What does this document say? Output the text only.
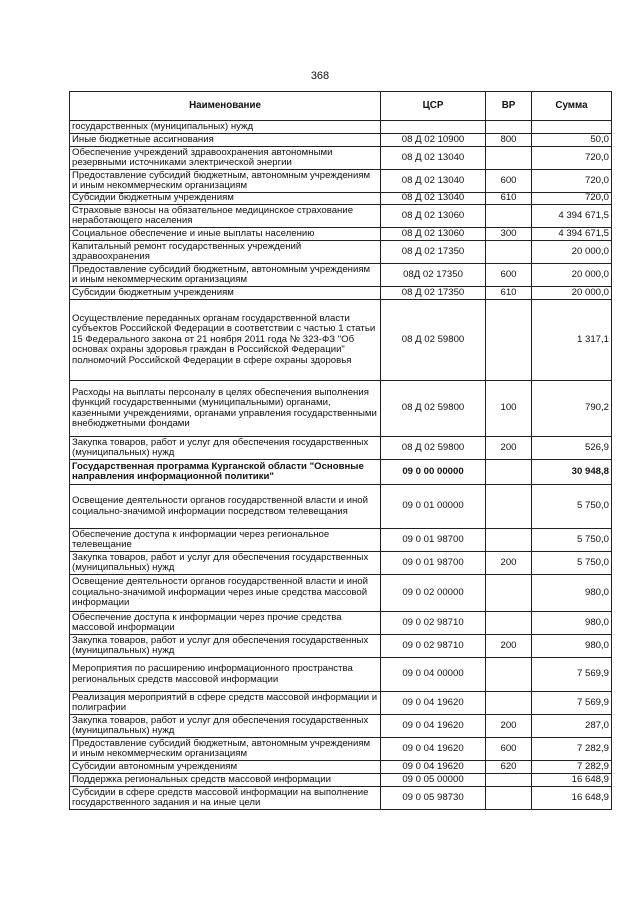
368
Наименование	ЦСР	ВР	Сумма
государственных (муниципальных) нужд			
Иные бюджетные ассигнования	08 Д 02 10900	800	50,0
Обеспечение учреждений здравоохранения автономными резервными источниками электрической энергии	08 Д 02 13040		720,0
Предоставление субсидий бюджетным, автономным учреждениям и иным некоммерческим организациям	08 Д 02 13040	600	720,0
Субсидии бюджетным учреждениям	08 Д 02 13040	610	720,0
Страховые взносы на обязательное медицинское страхование неработающего населения	08 Д 02 13060		4 394 671,5
Социальное обеспечение и иные выплаты населению	08 Д 02 13060	300	4 394 671,5
Капитальный ремонт государственных учреждений здравоохранения	08 Д 02 17350		20 000,0
Предоставление субсидий бюджетным, автономным учреждениям и иным некоммерческим организациям	08Д 02 17350	600	20 000,0
Субсидии бюджетным учреждениям	08 Д 02 17350	610	20 000,0
Осуществление переданных органам государственной власти субъектов Российской Федерации в соответствии с частью 1 статьи 15 Федерального закона от 21 ноября 2011 года № 323-ФЗ "Об основах охраны здоровья граждан в Российской Федерации" полномочий Российской Федерации в сфере охраны здоровья	08 Д 02 59800		1 317,1
Расходы на выплаты персоналу в целях обеспечения выполнения функций государственными (муниципальными) органами, казенными учреждениями, органами управления государственными внебюджетными фондами	08 Д 02 59800	100	790,2
Закупка товаров, работ и услуг для обеспечения государственных (муниципальных) нужд	08 Д 02 59800	200	526,9
Государственная программа Курганской области "Основные направления информационной политики"	09 0 00 00000		30 948,8
Освещение деятельности органов государственной власти и иной социально-значимой информации посредством телевещания	09 0 01 00000		5 750,0
Обеспечение доступа к информации через региональное телевещание	09 0 01 98700		5 750,0
Закупка товаров, работ и услуг для обеспечения государственных (муниципальных) нужд	09 0 01 98700	200	5 750,0
Освещение деятельности органов государственной власти и иной социально-значимой информации через иные средства массовой информации	09 0 02 00000		980,0
Обеспечение доступа к информации через прочие средства массовой информации	09 0 02 98710		980,0
Закупка товаров, работ и услуг для обеспечения государственных (муниципальных) нужд	09 0 02 98710	200	980,0
Мероприятия по расширению информационного пространства региональных средств массовой информации	09 0 04 00000		7 569,9
Реализация мероприятий в сфере средств массовой информации и полиграфии	09 0 04 19620		7 569,9
Закупка товаров, работ и услуг для обеспечения государственных (муниципальных) нужд	09 0 04 19620	200	287,0
Предоставление субсидий бюджетным, автономным учреждениям и иным некоммерческим организациям	09 0 04 19620	600	7 282,9
Субсидии автономным учреждениям	09 0 04 19620	620	7 282,9
Поддержка региональных средств массовой информации	09 0 05 00000		16 648,9
Субсидии в сфере средств массовой информации на выполнение государственного задания и на иные цели	09 0 05 98730		16 648,9
